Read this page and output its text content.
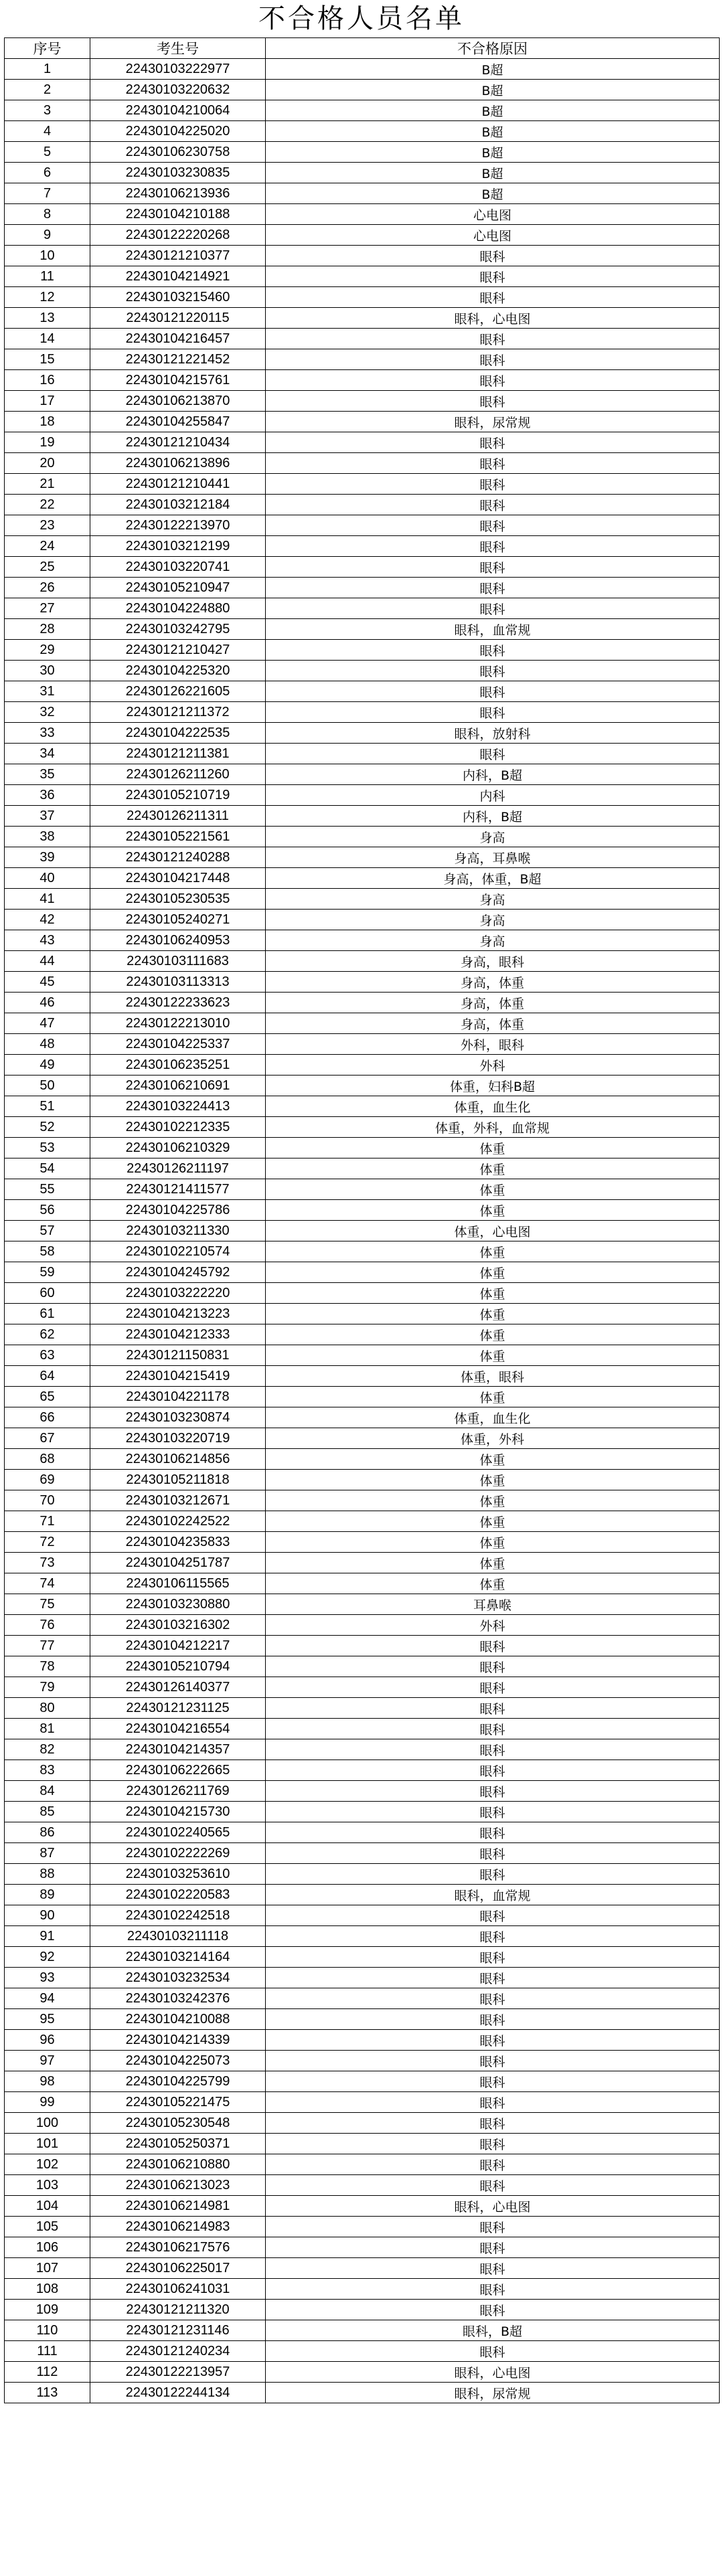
不合格人员名单
序号	考生号	不合格原因
1	22430103222977	B超
2	22430103220632	B超
3	22430104210064	B超
4	22430104225020	B超
5	22430106230758	B超
6	22430103230835	B超
7	22430106213936	B超
8	22430104210188	心电图
9	22430122220268	心电图
10	22430121210377	眼科
11	22430104214921	眼科
12	22430103215460	眼科
13	22430121220115	眼科，心电图
14	22430104216457	眼科
15	22430121221452	眼科
16	22430104215761	眼科
17	22430106213870	眼科
18	22430104255847	眼科，尿常规
19	22430121210434	眼科
20	22430106213896	眼科
21	22430121210441	眼科
22	22430103212184	眼科
23	22430122213970	眼科
24	22430103212199	眼科
25	22430103220741	眼科
26	22430105210947	眼科
27	22430104224880	眼科
28	22430103242795	眼科，血常规
29	22430121210427	眼科
30	22430104225320	眼科
31	22430126221605	眼科
32	22430121211372	眼科
33	22430104222535	眼科，放射科
34	22430121211381	眼科
35	22430126211260	内科，B超
36	22430105210719	内科
37	22430126211311	内科，B超
38	22430105221561	身高
39	22430121240288	身高，耳鼻喉
40	22430104217448	身高，体重，B超
41	22430105230535	身高
42	22430105240271	身高
43	22430106240953	身高
44	22430103111683	身高，眼科
45	22430103113313	身高，体重
46	22430122233623	身高，体重
47	22430122213010	身高，体重
48	22430104225337	外科，眼科
49	22430106235251	外科
50	22430106210691	体重，妇科B超
51	22430103224413	体重，血生化
52	22430102212335	体重，外科，血常规
53	22430106210329	体重
54	22430126211197	体重
55	22430121411577	体重
56	22430104225786	体重
57	22430103211330	体重，心电图
58	22430102210574	体重
59	22430104245792	体重
60	22430103222220	体重
61	22430104213223	体重
62	22430104212333	体重
63	22430121150831	体重
64	22430104215419	体重，眼科
65	22430104221178	体重
66	22430103230874	体重，血生化
67	22430103220719	体重，外科
68	22430106214856	体重
69	22430105211818	体重
70	22430103212671	体重
71	22430102242522	体重
72	22430104235833	体重
73	22430104251787	体重
74	22430106115565	体重
75	22430103230880	耳鼻喉
76	22430103216302	外科
77	22430104212217	眼科
78	22430105210794	眼科
79	22430126140377	眼科
80	22430121231125	眼科
81	22430104216554	眼科
82	22430104214357	眼科
83	22430106222665	眼科
84	22430126211769	眼科
85	22430104215730	眼科
86	22430102240565	眼科
87	22430102222269	眼科
88	22430103253610	眼科
89	22430102220583	眼科，血常规
90	22430102242518	眼科
91	22430103211118	眼科
92	22430103214164	眼科
93	22430103232534	眼科
94	22430103242376	眼科
95	22430104210088	眼科
96	22430104214339	眼科
97	22430104225073	眼科
98	22430104225799	眼科
99	22430105221475	眼科
100	22430105230548	眼科
101	22430105250371	眼科
102	22430106210880	眼科
103	22430106213023	眼科
104	22430106214981	眼科，心电图
105	22430106214983	眼科
106	22430106217576	眼科
107	22430106225017	眼科
108	22430106241031	眼科
109	22430121211320	眼科
110	22430121231146	眼科，B超
111	22430121240234	眼科
112	22430122213957	眼科，心电图
113	22430122244134	眼科，尿常规
